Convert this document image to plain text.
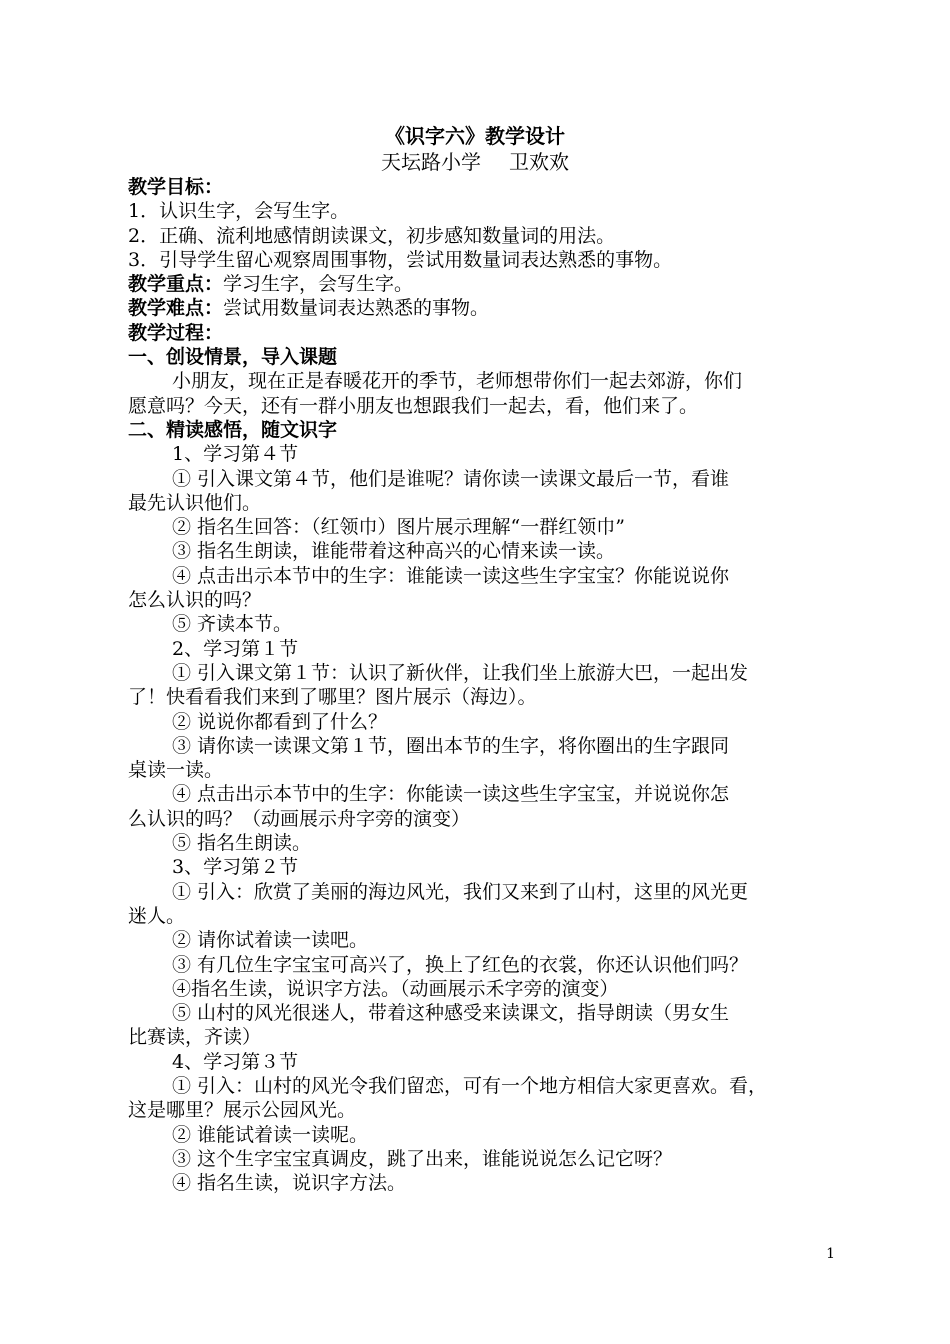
《识字六》教学设计
天坛路小学 卫欢欢
教学目标：
1．认识生字，会写生字。
2．正确、流利地感情朗读课文，初步感知数量词的用法。
3．引导学生留心观察周围事物，尝试用数量词表达熟悉的事物。
教学重点：学习生字，会写生字。
教学难点：尝试用数量词表达熟悉的事物。
教学过程：
一、创设情景，导入课题
小朋友，现在正是春暖花开的季节，老师想带你们一起去郊游，你们
愿意吗？今天，还有一群小朋友也想跟我们一起去，看，他们来了。
二、精读感悟，随文识字
1、学习第４节
① 引入课文第４节，他们是谁呢？请你读一读课文最后一节，看谁
最先认识他们。
② 指名生回答：（红领巾）图片展示理解“一群红领巾”
③ 指名生朗读，谁能带着这种高兴的心情来读一读。
④ 点击出示本节中的生字：谁能读一读这些生字宝宝？你能说说你
怎么认识的吗？
⑤ 齐读本节。
2、学习第１节
① 引入课文第１节：认识了新伙伴，让我们坐上旅游大巴，一起出发
了！快看看我们来到了哪里？图片展示（海边）。
② 说说你都看到了什么？
③ 请你读一读课文第１节，圈出本节的生字，将你圈出的生字跟同
桌读一读。
④ 点击出示本节中的生字：你能读一读这些生字宝宝，并说说你怎
么认识的吗？（动画展示舟字旁的演变）
⑤ 指名生朗读。
3、学习第２节
① 引入：欣赏了美丽的海边风光，我们又来到了山村，这里的风光更
迷人。
② 请你试着读一读吧。
③ 有几位生字宝宝可高兴了，换上了红色的衣裳，你还认识他们吗？
④指名生读，说识字方法。（动画展示禾字旁的演变）
⑤ 山村的风光很迷人，带着这种感受来读课文，指导朗读（男女生
比赛读，齐读）
4、学习第３节
① 引入：山村的风光令我们留恋，可有一个地方相信大家更喜欢。看，
这是哪里？展示公园风光。
② 谁能试着读一读呢。
③ 这个生字宝宝真调皮，跳了出来，谁能说说怎么记它呀？
④ 指名生读，说识字方法。
1
